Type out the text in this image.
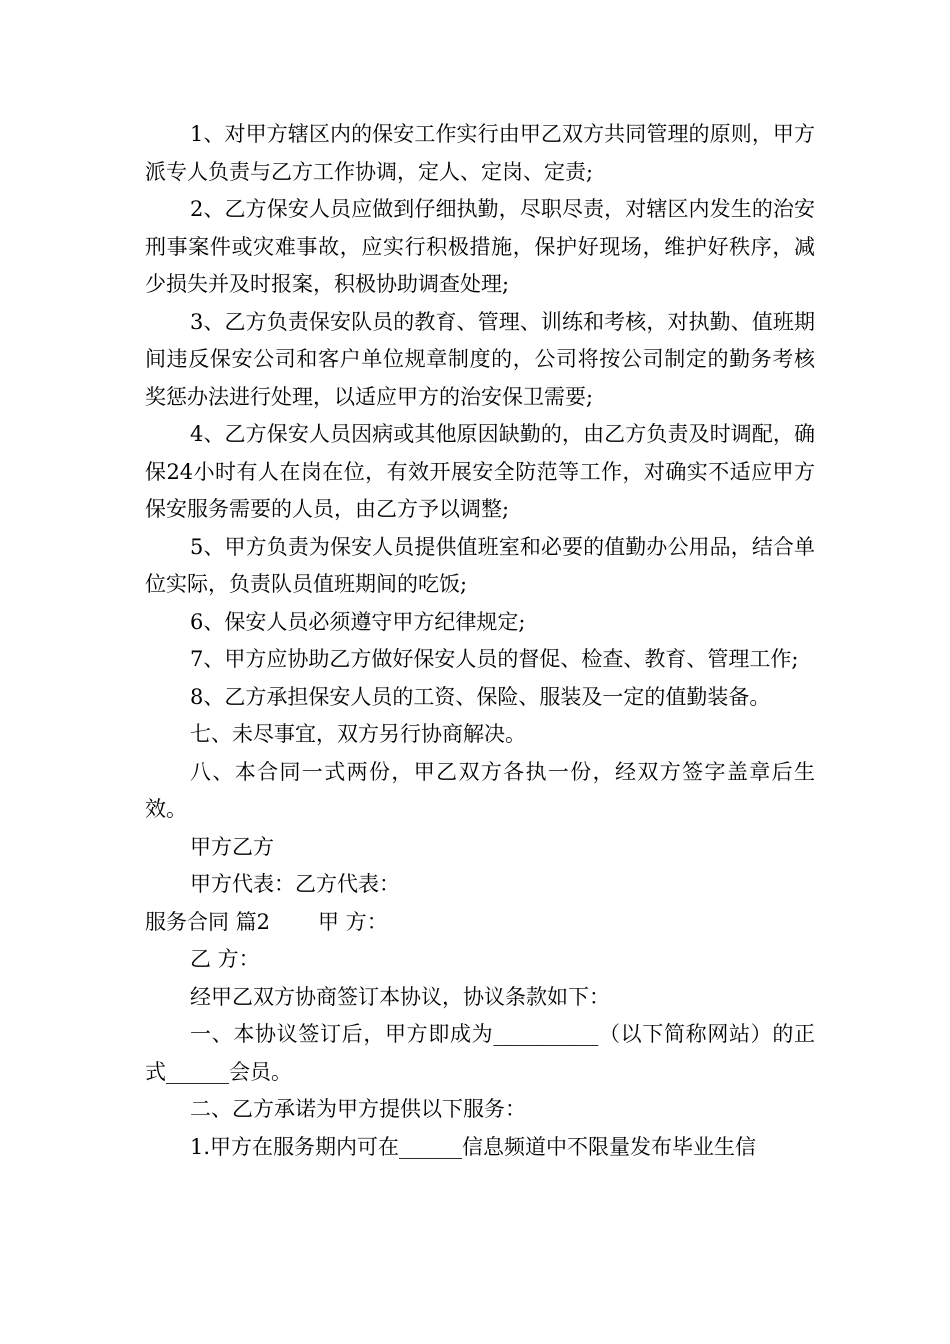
1、对甲方辖区内的保安工作实行由甲乙双方共同管理的原则，甲方派专人负责与乙方工作协调，定人、定岗、定责;

2、乙方保安人员应做到仔细执勤，尽职尽责，对辖区内发生的治安刑事案件或灾难事故，应实行积极措施，保护好现场，维护好秩序，减少损失并及时报案，积极协助调查处理;

3、乙方负责保安队员的教育、管理、训练和考核，对执勤、值班期间违反保安公司和客户单位规章制度的，公司将按公司制定的勤务考核奖惩办法进行处理，以适应甲方的治安保卫需要;

4、乙方保安人员因病或其他原因缺勤的，由乙方负责及时调配，确保24小时有人在岗在位，有效开展安全防范等工作，对确实不适应甲方保安服务需要的人员，由乙方予以调整;

5、甲方负责为保安人员提供值班室和必要的值勤办公用品，结合单位实际，负责队员值班期间的吃饭;

6、保安人员必须遵守甲方纪律规定;

7、甲方应协助乙方做好保安人员的督促、检查、教育、管理工作;

8、乙方承担保安人员的工资、保险、服装及一定的值勤装备。

七、未尽事宜，双方另行协商解决。

八、本合同一式两份，甲乙双方各执一份，经双方签字盖章后生效。

甲方乙方

甲方代表：乙方代表：

服务合同 篇2 甲 方：

乙 方：

经甲乙双方协商签订本协议，协议条款如下：

一、本协议签订后，甲方即成为__________（以下简称网站）的正式______会员。

二、乙方承诺为甲方提供以下服务：

1.甲方在服务期内可在______信息频道中不限量发布毕业生信
